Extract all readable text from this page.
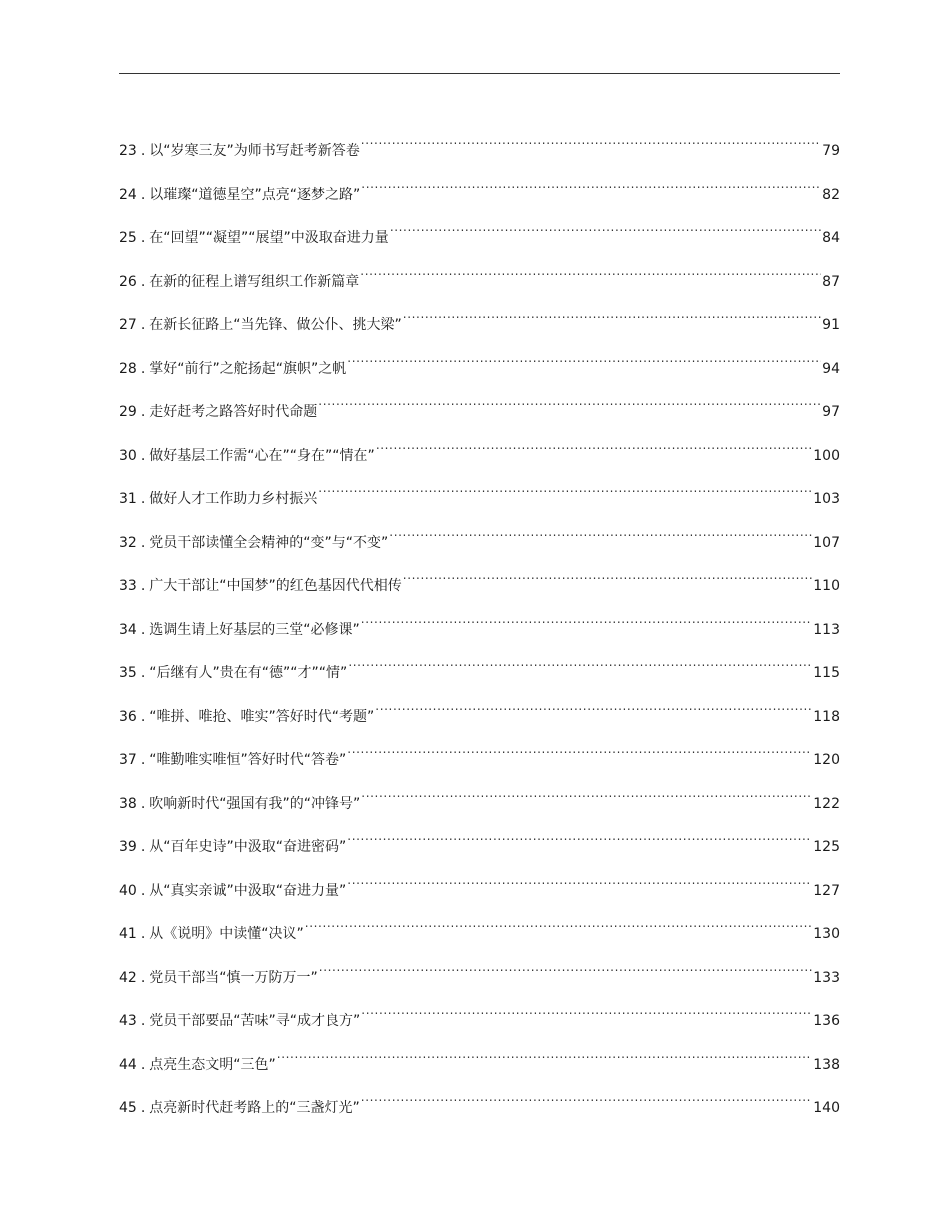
23 . 以“岁寒三友”为师书写赶考新答卷 .....	79
24 . 以璀璨“道德星空”点亮“逐梦之路” .....	82
25 . 在“回望”“凝望”“展望”中汲取奋进力量 .....	84
26 . 在新的征程上谱写组织工作新篇章 .....	87
27 . 在新长征路上“当先锋、做公仆、挑大梁” .....	91
28 . 掌好“前行”之舵扬起“旗帜”之帆 .....	94
29 . 走好赶考之路答好时代命题 .....	97
30 . 做好基层工作需“心在”“身在”“情在” .....	100
31 . 做好人才工作助力乡村振兴 .....	103
32 . 党员干部读懂全会精神的“变”与“不变” .....	107
33 . 广大干部让“中国梦”的红色基因代代相传 .....	110
34 . 选调生请上好基层的三堂“必修课” .....	113
35 . “后继有人”贵在有“德”“才”“情” .....	115
36 . “唯拼、唯抢、唯实”答好时代“考题” .....	118
37 . “唯勤唯实唯恒”答好时代“答卷” .....	120
38 . 吹响新时代“强国有我”的“冲锋号” .....	122
39 . 从“百年史诗”中汲取“奋进密码” .....	125
40 . 从“真实亲诚”中汲取“奋进力量” .....	127
41 . 从《说明》中读懂“决议” .....	130
42 . 党员干部当“慎一万防万一” .....	133
43 . 党员干部要品“苦味”寻“成才良方” .....	136
44 . 点亮生态文明“三色” .....	138
45 . 点亮新时代赶考路上的“三盏灯光” .....	140
